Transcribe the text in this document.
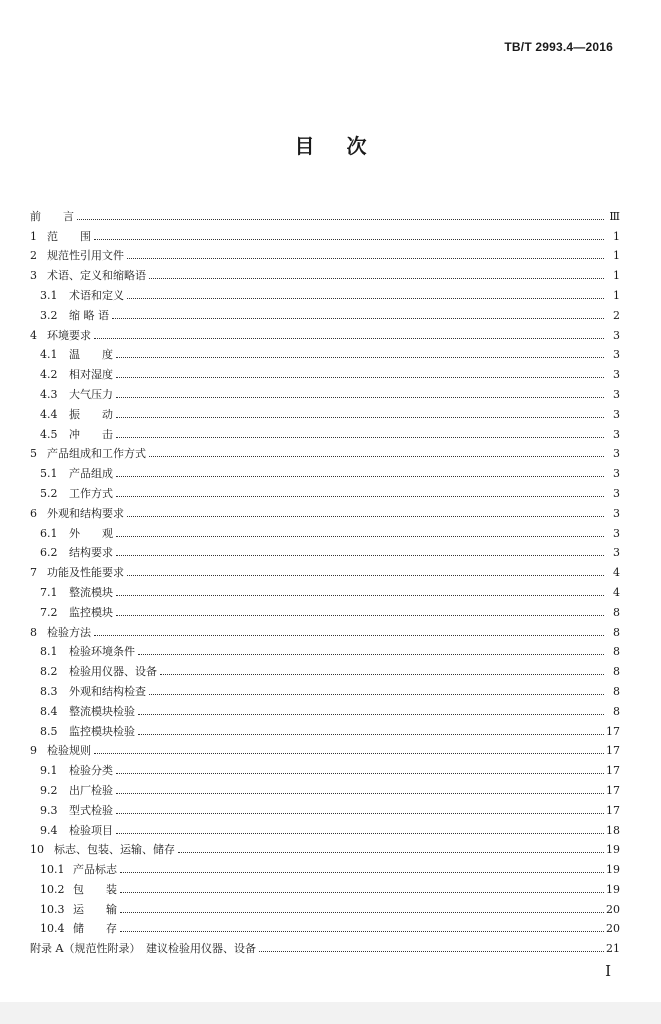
TB/T 2993.4—2016
目次
前　　言	Ⅲ
1 范　　围	1
2 规范性引用文件	1
3 术语、定义和缩略语	1
3.1	术语和定义	1
3.2	缩 略 语	2
4 环境要求	3
4.1	温　　度	3
4.2	相对湿度	3
4.3	大气压力	3
4.4	振　　动	3
4.5	冲　　击	3
5 产品组成和工作方式	3
5.1	产品组成	3
5.2	工作方式	3
6 外观和结构要求	3
6.1	外　　观	3
6.2	结构要求	3
7 功能及性能要求	4
7.1	整流模块	4
7.2	监控模块	8
8 检验方法	8
8.1	检验环境条件	8
8.2	检验用仪器、设备	8
8.3	外观和结构检查	8
8.4	整流模块检验	8
8.5	监控模块检验	17
9 检验规则	17
9.1	检验分类	17
9.2	出厂检验	17
9.3	型式检验	17
9.4	检验项目	18
10 标志、包装、运输、储存	19
10.1 产品标志	19
10.2 包　　装	19
10.3 运　　输	20
10.4 储　　存	20
附录 A（规范性附录）　建议检验用仪器、设备	21
I
